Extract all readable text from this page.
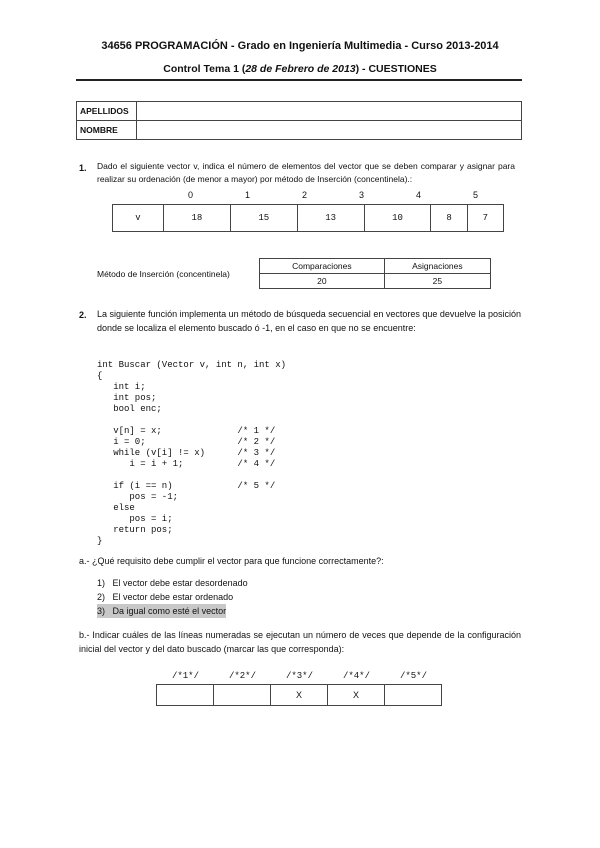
34656 PROGRAMACIÓN - Grado en Ingeniería Multimedia - Curso 2013-2014
Control Tema 1 (28 de Febrero de 2013) - CUESTIONES
APELLIDOS	
NOMBRE	
1. Dado el siguiente vector v, indica el número de elementos del vector que se deben comparar y asignar para realizar su ordenación (de menor a mayor) por método de Inserción (concentinela).:
0	1	2	3	4	5
v	18	15	13	10	8	7
Método de Inserción (concentinela)
Comparaciones	Asignaciones
20	25
2. La siguiente función implementa un método de búsqueda secuencial en vectores que devuelve la posición donde se localiza el elemento buscado ó -1, en el caso en que no se encuentre:
int Buscar (Vector v, int n, int x)
{
int i;
int pos;
bool enc;

v[n] = x;              /* 1 */
i = 0;                 /* 2 */
while (v[i] != x)      /* 3 */
i = i + 1;          /* 4 */

if (i == n)            /* 5 */
pos = -1;
else
pos = i;
return pos;
}
a.- ¿Qué requisito debe cumplir el vector para que funcione correctamente?:
1) El vector debe estar desordenado
2) El vector debe estar ordenado
3) Da igual como esté el vector
b.- Indicar cuáles de las líneas numeradas se ejecutan un número de veces que depende de la configuración inicial del vector y del dato buscado (marcar las que corresponda):
/*1*/	/*2*/	/*3*/	/*4*/	/*5*/
		X	X	
